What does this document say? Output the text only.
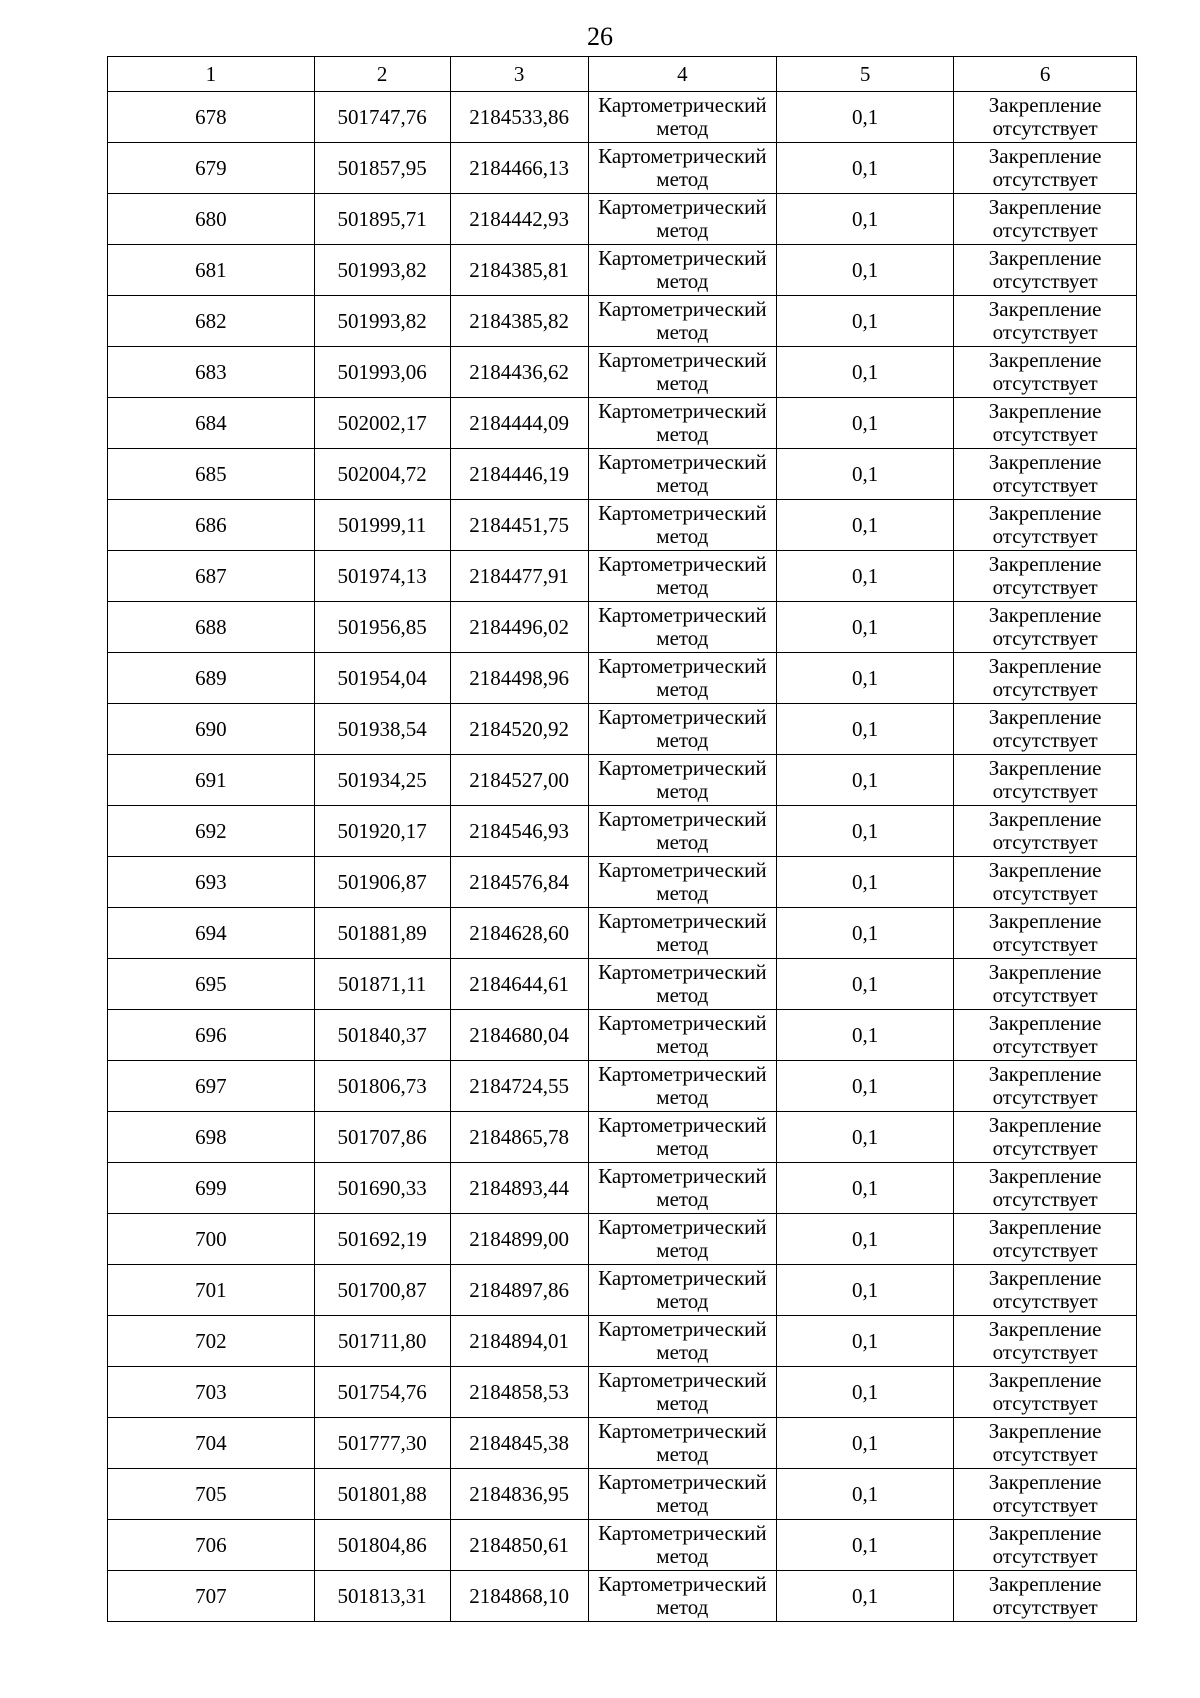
26
1	2	3	4	5	6
678	501747,76	2184533,86	Картометрический метод	0,1	Закрепление отсутствует
679	501857,95	2184466,13	Картометрический метод	0,1	Закрепление отсутствует
680	501895,71	2184442,93	Картометрический метод	0,1	Закрепление отсутствует
681	501993,82	2184385,81	Картометрический метод	0,1	Закрепление отсутствует
682	501993,82	2184385,82	Картометрический метод	0,1	Закрепление отсутствует
683	501993,06	2184436,62	Картометрический метод	0,1	Закрепление отсутствует
684	502002,17	2184444,09	Картометрический метод	0,1	Закрепление отсутствует
685	502004,72	2184446,19	Картометрический метод	0,1	Закрепление отсутствует
686	501999,11	2184451,75	Картометрический метод	0,1	Закрепление отсутствует
687	501974,13	2184477,91	Картометрический метод	0,1	Закрепление отсутствует
688	501956,85	2184496,02	Картометрический метод	0,1	Закрепление отсутствует
689	501954,04	2184498,96	Картометрический метод	0,1	Закрепление отсутствует
690	501938,54	2184520,92	Картометрический метод	0,1	Закрепление отсутствует
691	501934,25	2184527,00	Картометрический метод	0,1	Закрепление отсутствует
692	501920,17	2184546,93	Картометрический метод	0,1	Закрепление отсутствует
693	501906,87	2184576,84	Картометрический метод	0,1	Закрепление отсутствует
694	501881,89	2184628,60	Картометрический метод	0,1	Закрепление отсутствует
695	501871,11	2184644,61	Картометрический метод	0,1	Закрепление отсутствует
696	501840,37	2184680,04	Картометрический метод	0,1	Закрепление отсутствует
697	501806,73	2184724,55	Картометрический метод	0,1	Закрепление отсутствует
698	501707,86	2184865,78	Картометрический метод	0,1	Закрепление отсутствует
699	501690,33	2184893,44	Картометрический метод	0,1	Закрепление отсутствует
700	501692,19	2184899,00	Картометрический метод	0,1	Закрепление отсутствует
701	501700,87	2184897,86	Картометрический метод	0,1	Закрепление отсутствует
702	501711,80	2184894,01	Картометрический метод	0,1	Закрепление отсутствует
703	501754,76	2184858,53	Картометрический метод	0,1	Закрепление отсутствует
704	501777,30	2184845,38	Картометрический метод	0,1	Закрепление отсутствует
705	501801,88	2184836,95	Картометрический метод	0,1	Закрепление отсутствует
706	501804,86	2184850,61	Картометрический метод	0,1	Закрепление отсутствует
707	501813,31	2184868,10	Картометрический метод	0,1	Закрепление отсутствует
